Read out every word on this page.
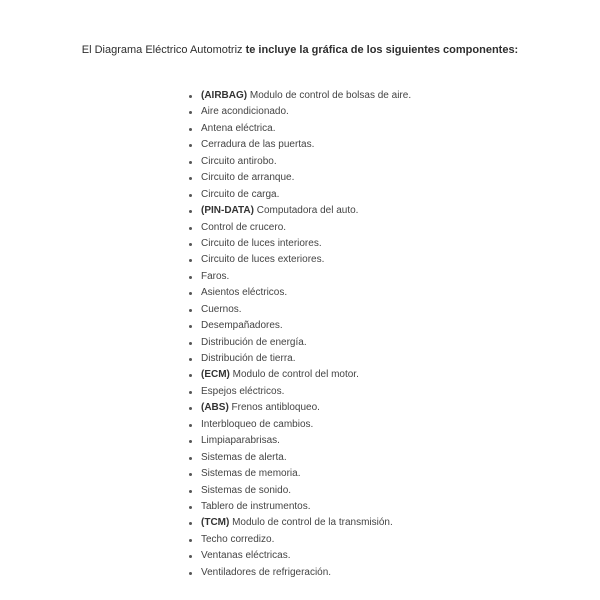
El Diagrama Eléctrico Automotriz te incluye la gráfica de los siguientes componentes:
(AIRBAG) Modulo de control de bolsas de aire.
Aire acondicionado.
Antena eléctrica.
Cerradura de las puertas.
Circuito antirobo.
Circuito de arranque.
Circuito de carga.
(PIN-DATA) Computadora del auto.
Control de crucero.
Circuito de luces interiores.
Circuito de luces exteriores.
Faros.
Asientos eléctricos.
Cuernos.
Desempañadores.
Distribución de energía.
Distribución de tierra.
(ECM) Modulo de control del motor.
Espejos eléctricos.
(ABS) Frenos antibloqueo.
Interbloqueo de cambios.
Limpiaparabrisas.
Sistemas de alerta.
Sistemas de memoria.
Sistemas de sonido.
Tablero de instrumentos.
(TCM) Modulo de control de la transmisión.
Techo corredizo.
Ventanas eléctricas.
Ventiladores de refrigeración.
